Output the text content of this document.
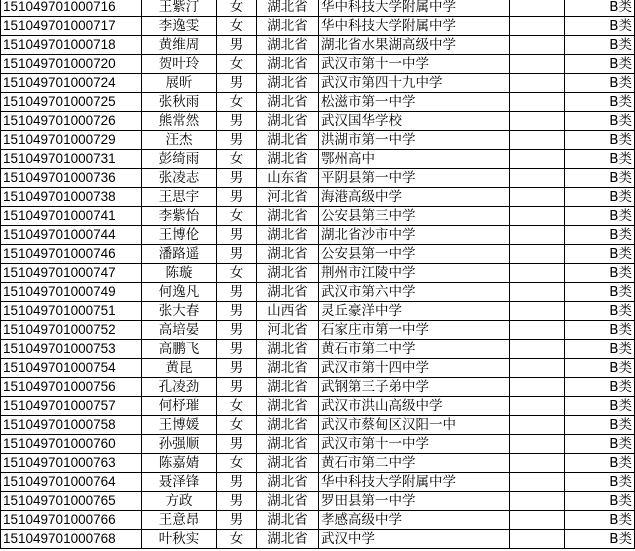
151049701000716	王紫汀	女	湖北省	华中科技大学附属中学		B类
151049701000717	李逸雯	女	湖北省	华中科技大学附属中学		B类
151049701000718	黄维周	男	湖北省	湖北省水果湖高级中学		B类
151049701000720	贺叶玲	女	湖北省	武汉市第十一中学		B类
151049701000724	展昕	男	湖北省	武汉市第四十九中学		B类
151049701000725	张秋雨	女	湖北省	松滋市第一中学		B类
151049701000726	熊常然	男	湖北省	武汉国华学校		B类
151049701000729	汪杰	男	湖北省	洪湖市第一中学		B类
151049701000731	彭绮雨	女	湖北省	鄂州高中		B类
151049701000736	张凌志	男	山东省	平阴县第一中学		B类
151049701000738	王思宇	男	河北省	海港高级中学		B类
151049701000741	李紫怡	女	湖北省	公安县第三中学		B类
151049701000744	王博伦	男	湖北省	湖北省沙市中学		B类
151049701000746	潘路遥	男	湖北省	公安县第一中学		B类
151049701000747	陈璇	女	湖北省	荆州市江陵中学		B类
151049701000749	何逸凡	男	湖北省	武汉市第六中学		B类
151049701000751	张大春	男	山西省	灵丘豪洋中学		B类
151049701000752	高培晏	男	河北省	石家庄市第一中学		B类
151049701000753	高鹏飞	男	湖北省	黄石市第二中学		B类
151049701000754	黄昆	男	湖北省	武汉市第十四中学		B类
151049701000756	孔凌劲	男	湖北省	武钢第三子弟中学		B类
151049701000757	何杼璀	女	湖北省	武汉市洪山高级中学		B类
151049701000758	王博媛	女	湖北省	武汉市蔡甸区汉阳一中		B类
151049701000760	孙强顺	男	湖北省	武汉市第十一中学		B类
151049701000763	陈嘉婧	女	湖北省	黄石市第二中学		B类
151049701000764	聂泽锋	男	湖北省	华中科技大学附属中学		B类
151049701000765	方政	男	湖北省	罗田县第一中学		B类
151049701000766	王意昂	男	湖北省	孝感高级中学		B类
151049701000768	叶秋实	女	湖北省	武汉中学		B类
